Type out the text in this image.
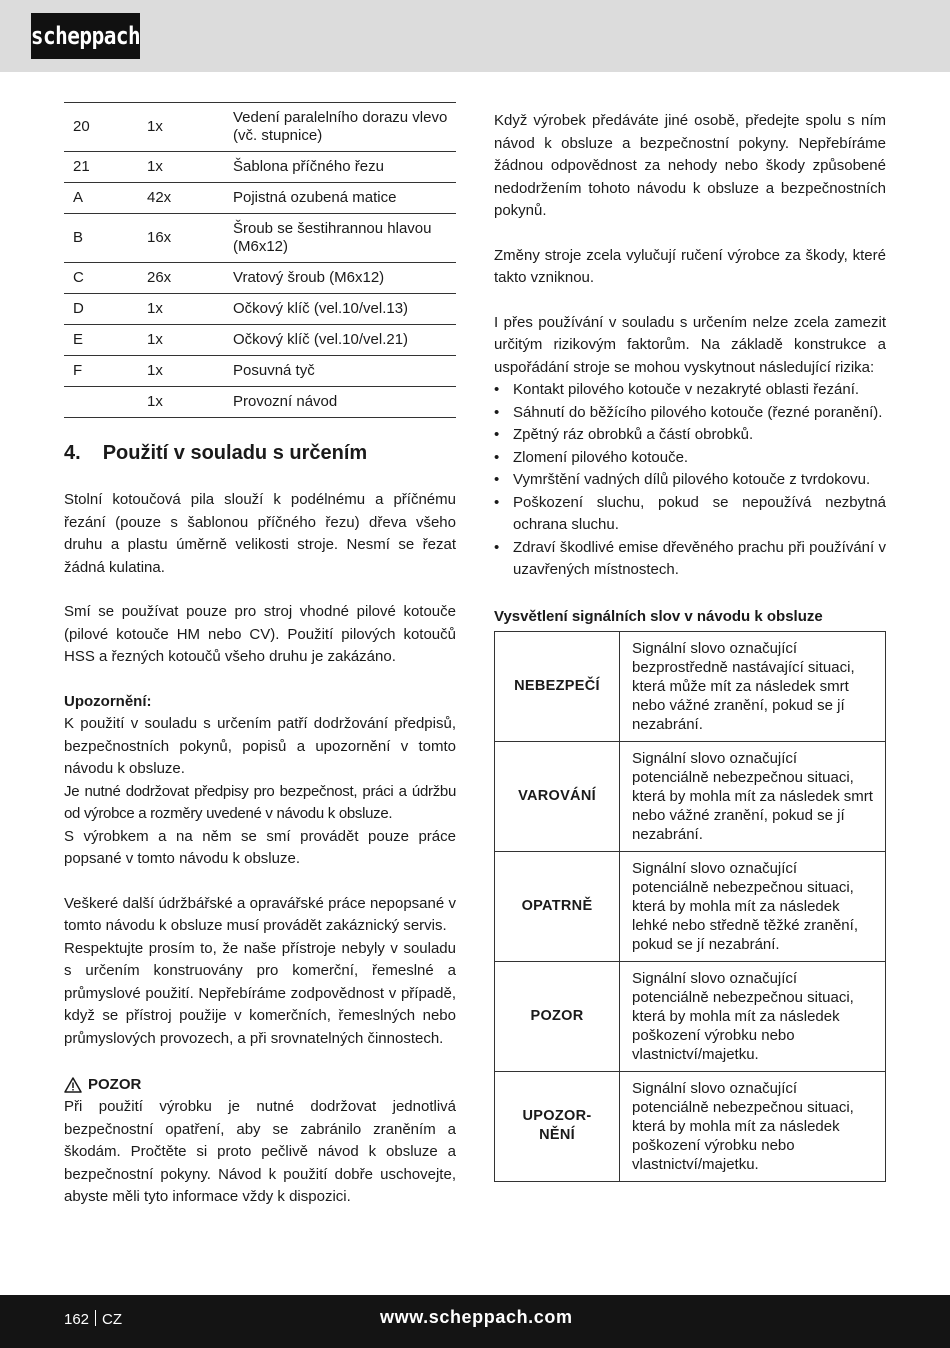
scheppach
20	1x	Vedení paralelního dorazu vlevo (vč. stupnice)
21	1x	Šablona příčného řezu
A	42x	Pojistná ozubená matice
B	16x	Šroub se šestihrannou hlavou (M6x12)
C	26x	Vratový šroub (M6x12)
D	1x	Očkový klíč (vel.10/vel.13)
E	1x	Očkový klíč (vel.10/vel.21)
F	1x	Posuvná tyč
	1x	Provozní návod
4. Použití v souladu s určením

Stolní kotoučová pila slouží k podélnému a příčnému řezání (pouze s šablonou příčného řezu) dřeva všeho druhu a plastu úměrně velikosti stroje. Nesmí se řezat žádná kulatina.

Smí se používat pouze pro stroj vhodné pilové kotouče (pilové kotouče HM nebo CV). Použití pilových kotoučů HSS a řezných kotoučů všeho druhu je zakázáno.

Upozornění:

K použití v souladu s určením patří dodržování předpisů, bezpečnostních pokynů, popisů a upozornění v tomto návodu k obsluze.

Je nutné dodržovat předpisy pro bezpečnost, práci a údržbu od výrobce a rozměry uvedené v návodu k obsluze.

S výrobkem a na něm se smí provádět pouze práce popsané v tomto návodu k obsluze.

Veškeré další údržbářské a opravářské práce nepopsané v tomto návodu k obsluze musí provádět zakáznický servis.

Respektujte prosím to, že naše přístroje nebyly v souladu s určením konstruovány pro komerční, řemeslné a průmyslové použití. Nepřebíráme zodpovědnost v případě, když se přístroj použije v komerčních, řemeslných nebo průmyslových provozech, a při srovnatelných činnostech.

POZOR

Při použití výrobku je nutné dodržovat jednotlivá bezpečnostní opatření, aby se zabránilo zraněním a škodám. Pročtěte si proto pečlivě návod k obsluze a bezpečnostní pokyny. Návod k použití dobře uschovejte, abyste měli tyto informace vždy k dispozici.

Když výrobek předáváte jiné osobě, předejte spolu s ním návod k obsluze a bezpečnostní pokyny. Nepřebíráme žádnou odpovědnost za nehody nebo škody způsobené nedodržením tohoto návodu k obsluze a bezpečnostních pokynů.

Změny stroje zcela vylučují ručení výrobce za škody, které takto vzniknou.

I přes používání v souladu s určením nelze zcela zamezit určitým rizikovým faktorům. Na základě konstrukce a uspořádání stroje se mohou vyskytnout následující rizika:

• Kontakt pilového kotouče v nezakryté oblasti řezání.
• Sáhnutí do běžícího pilového kotouče (řezné poranění).
• Zpětný ráz obrobků a částí obrobků.
• Zlomení pilového kotouče.
• Vymrštění vadných dílů pilového kotouče z tvrdokovu.
• Poškození sluchu, pokud se nepoužívá nezbytná ochrana sluchu.
• Zdraví škodlivé emise dřevěného prachu při používání v uzavřených místnostech.

Vysvětlení signálních slov v návodu k obsluze

NEBEZPEČÍ	Signální slovo označující bezprostředně nastávající situaci, která může mít za následek smrt nebo vážné zranění, pokud se jí nezabrání.
VAROVÁNÍ	Signální slovo označující potenciálně nebezpečnou situaci, která by mohla mít za následek smrt nebo vážné zranění, pokud se jí nezabrání.
OPATRNĚ	Signální slovo označující potenciálně nebezpečnou situaci, která by mohla mít za následek lehké nebo středně těžké zranění, pokud se jí nezabrání.
POZOR	Signální slovo označující potenciálně nebezpečnou situaci, která by mohla mít za následek poškození výrobku nebo vlastnictví/majetku.
UPOZOR-
NĚNÍ	Signální slovo označující potenciálně nebezpečnou situaci, která by mohla mít za následek poškození výrobku nebo vlastnictví/majetku.
162 CZ	www.scheppach.com
